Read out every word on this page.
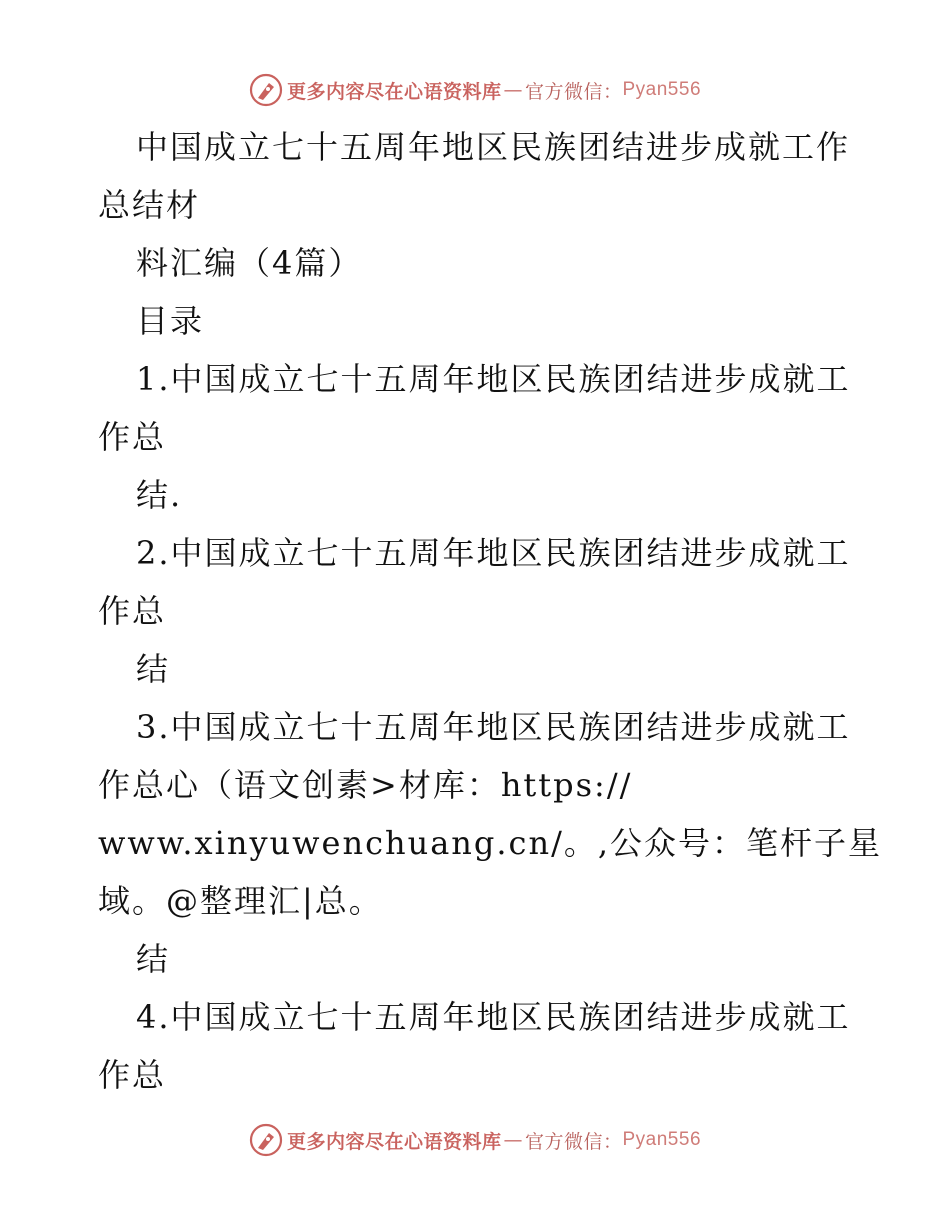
更多内容尽在心语资料库 — 官方微信： Pyan556
中国成立七十五周年地区民族团结进步成就工作
总结材
料汇编（4篇）
目录
1.中国成立七十五周年地区民族团结进步成就工
作总
结.
2.中国成立七十五周年地区民族团结进步成就工
作总
结
3.中国成立七十五周年地区民族团结进步成就工
作总心（语文创素>材库：https://
www.xinyuwenchuang.cn/。,公众号：笔杆子星
域。@整理汇|总。
结
4.中国成立七十五周年地区民族团结进步成就工
作总
更多内容尽在心语资料库 — 官方微信： Pyan556
